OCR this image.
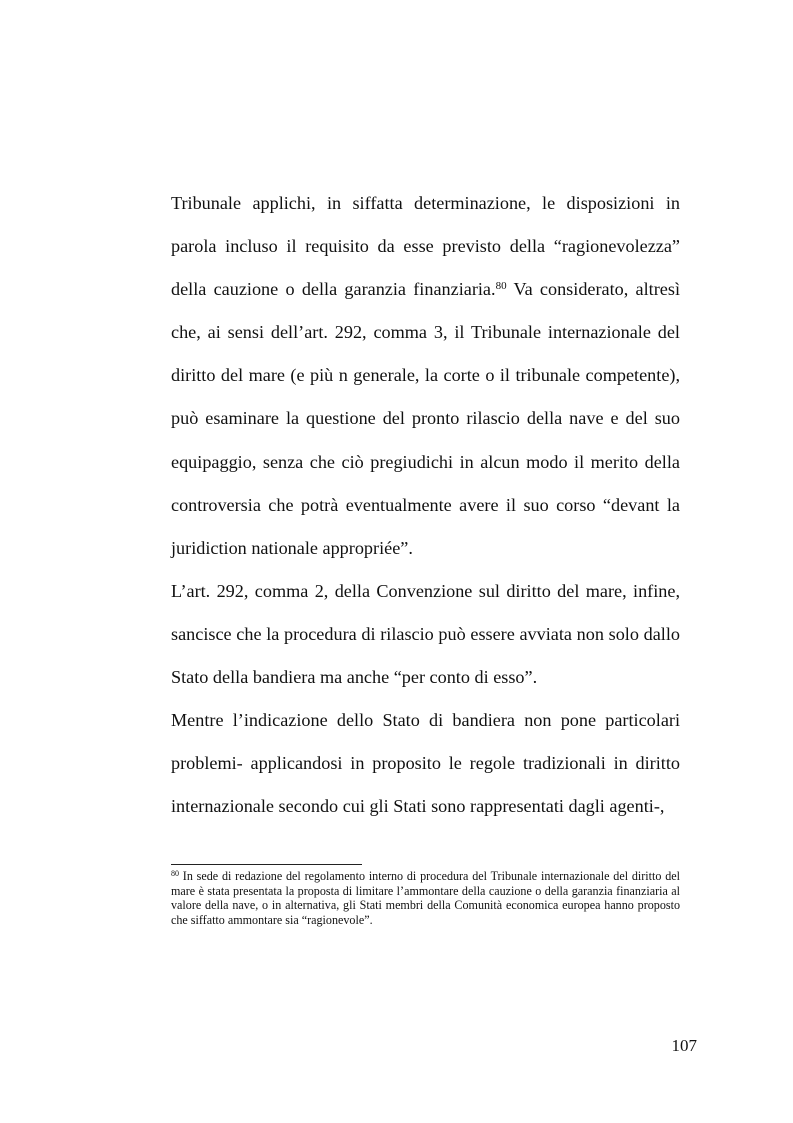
Tribunale applichi, in siffatta determinazione, le disposizioni in parola incluso il requisito da esse previsto della “ragionevolezza” della cauzione o della garanzia finanziaria.$^{80}$ Va considerato, altresì che, ai sensi dell’art. 292, comma 3, il Tribunale internazionale del diritto del mare (e più n generale, la corte o il tribunale competente), può esaminare la questione del pronto rilascio della nave e del suo equipaggio, senza che ciò pregiudichi in alcun modo il merito della controversia che potrà eventualmente avere il suo corso “devant la juridiction nationale appropriée”.

L’art. 292, comma 2, della Convenzione sul diritto del mare, infine, sancisce che la procedura di rilascio può essere avviata non solo dallo Stato della bandiera ma anche “per conto di esso”.

Mentre l’indicazione dello Stato di bandiera non pone particolari problemi- applicandosi in proposito le regole tradizionali in diritto internazionale secondo cui gli Stati sono rappresentati dagli agenti-,

$^{80}$ In sede di redazione del regolamento interno di procedura del Tribunale internazionale del diritto del mare è stata presentata la proposta di limitare l’ammontare della cauzione o della garanzia finanziaria al valore della nave, o in alternativa, gli Stati membri della Comunità economica europea hanno proposto che siffatto ammontare sia “ragionevole”.

107
